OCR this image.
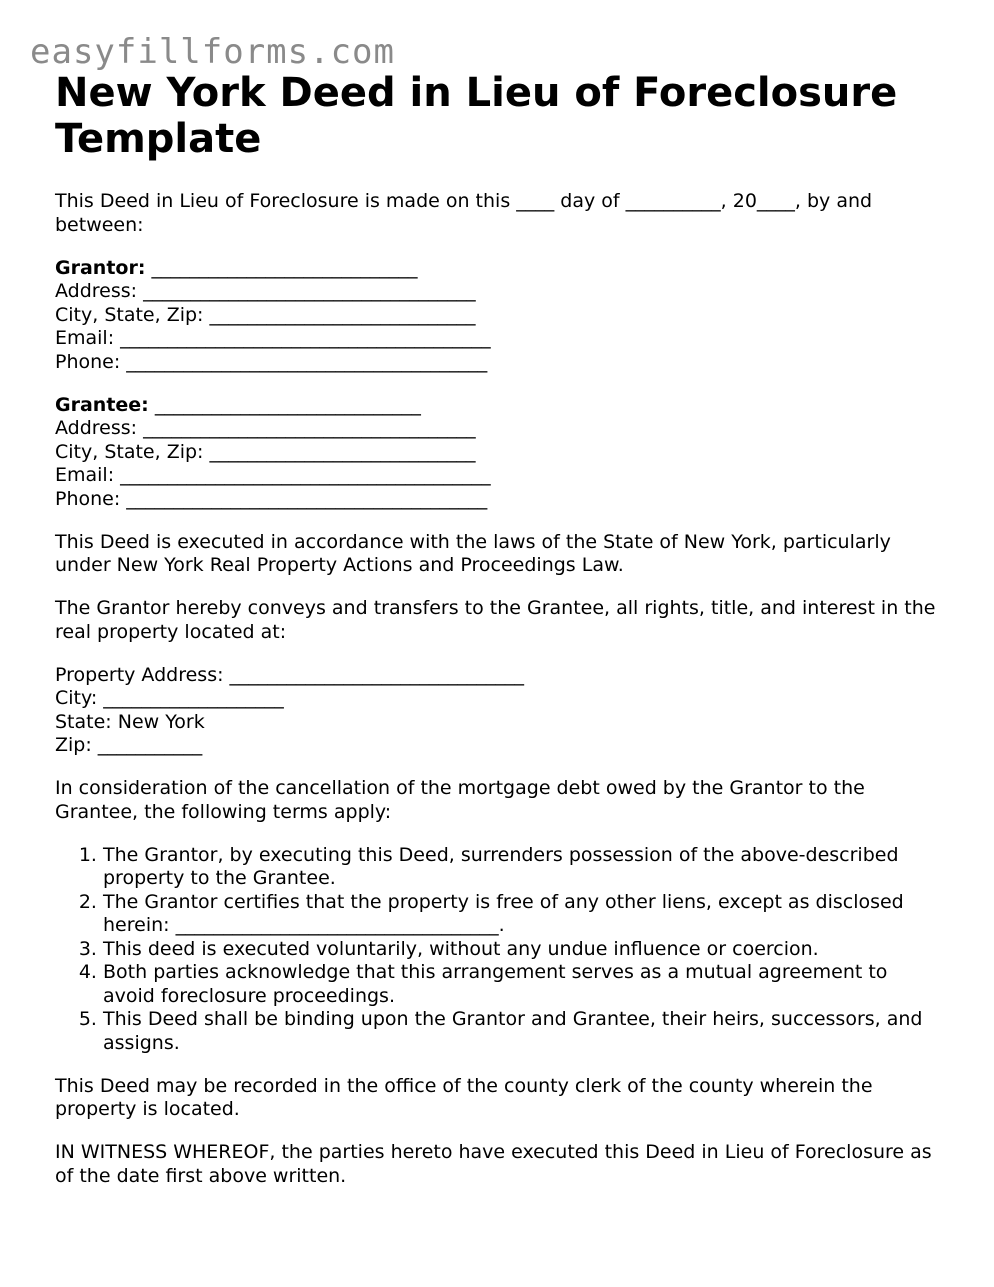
easyfillforms.com
New York Deed in Lieu of Foreclosure Template

This Deed in Lieu of Foreclosure is made on this ____ day of __________, 20____, by and between:

Grantor: ____________________________
Address: ___________________________________
City, State, Zip: ____________________________
Email: _______________________________________
Phone: ______________________________________
Grantee: ____________________________
Address: ___________________________________
City, State, Zip: ____________________________
Email: _______________________________________
Phone: ______________________________________

This Deed is executed in accordance with the laws of the State of New York, particularly under New York Real Property Actions and Proceedings Law.

The Grantor hereby conveys and transfers to the Grantee, all rights, title, and interest in the real property located at:

Property Address: _______________________________
City: ___________________
State: New York
Zip: ___________

In consideration of the cancellation of the mortgage debt owed by the Grantor to the Grantee, the following terms apply:

1. The Grantor, by executing this Deed, surrenders possession of the above-described property to the Grantee.
2. The Grantor certifies that the property is free of any other liens, except as disclosed herein: __________________________________.
3. This deed is executed voluntarily, without any undue influence or coercion.
4. Both parties acknowledge that this arrangement serves as a mutual agreement to avoid foreclosure proceedings.
5. This Deed shall be binding upon the Grantor and Grantee, their heirs, successors, and assigns.

This Deed may be recorded in the office of the county clerk of the county wherein the property is located.

IN WITNESS WHEREOF, the parties hereto have executed this Deed in Lieu of Foreclosure as of the date first above written.
